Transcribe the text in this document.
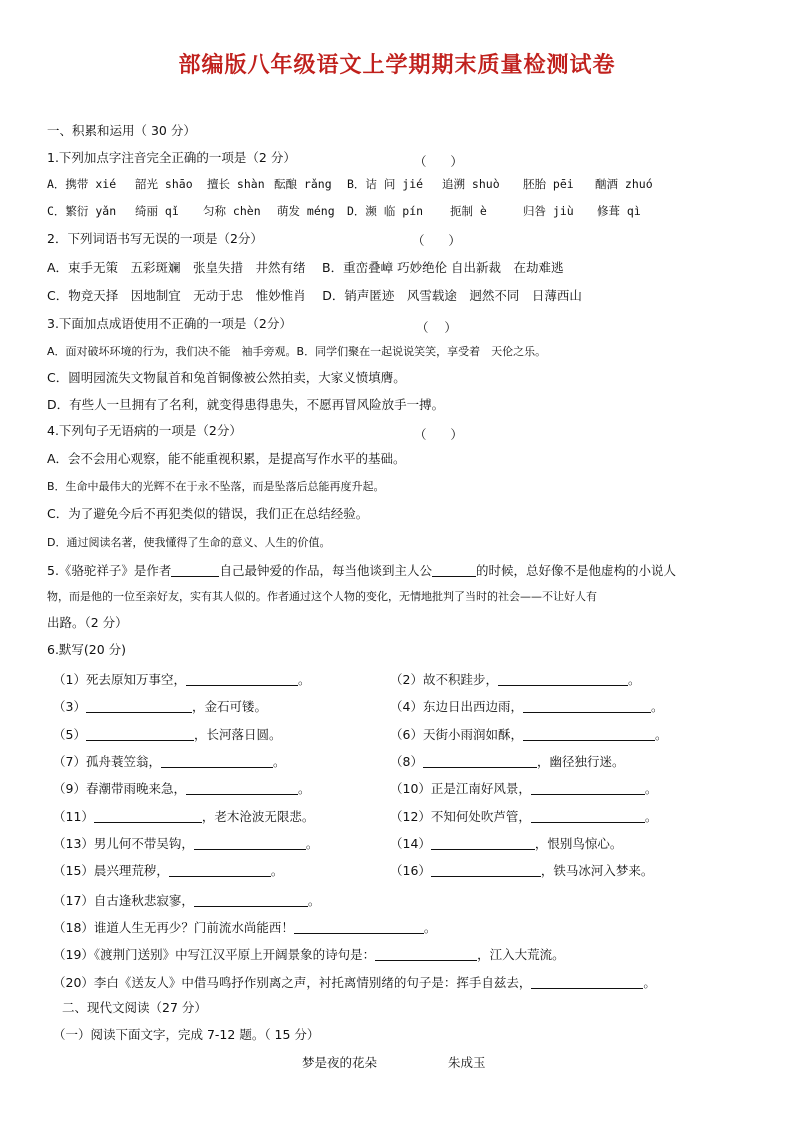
部编版八年级语文上学期期末质量检测试卷
一、积累和运用（ 30 分）
1.下列加点字注音完全正确的一项是（2 分）	（      ）
A．携带 xié 韶光 shāo 擅长 shàn 酝酿 rǎng B．诘 问 jié 追溯 shuò 胚胎 pēi 酗酒 zhuó
C．繁衍 yǎn 绮丽 qǐ 匀称 chèn 萌发 méng D．濒 临 pín 扼制 è	归咎 jiù 修葺 qì
2．下列词语书写无误的一项是（2分）	（      ）
A．束手无策　五彩斑斓　张皇失措　井然有绪　 B．重峦叠嶂 巧妙绝伦 自出新裁　在劫难逃
C．物竞天择　因地制宜　无动于忠　惟妙惟肖　 D．销声匿迹　风雪载途　迥然不同　日薄西山
3.下面加点成语使用不正确的一项是（2分）	（    ）
A．面对破坏环境的行为，我们决不能　袖手旁观。B．同学们聚在一起说说笑笑，享受着　天伦之乐。
C．圆明园流失文物鼠首和兔首铜像被公然拍卖，大家义愤填膺。
D．有些人一旦拥有了名利，就变得患得患失，不愿再冒风险放手一搏。
4.下列句子无语病的一项是（2分）	（      ）
A．会不会用心观察，能不能重视积累，是提高写作水平的基础。
B．生命中最伟大的光辉不在于永不坠落，而是坠落后总能再度升起。
C．为了避免今后不再犯类似的错误，我们正在总结经验。
D．通过阅读名著，使我懂得了生命的意义、人生的价值。
5.《骆驼祥子》是作者	自己最钟爱的作品，每当他谈到主人公	的时候，总好像不是他虚构的小说人
物，而是他的一位至亲好友，实有其人似的。作者通过这个人物的变化，无情地批判了当时的社会——不让好人有
出路。（2 分）
6.默写(20 分)
（1）死去原知万事空，	。	（2）故不积跬步，	。
（3）	，金石可镂。	（4）东边日出西边雨，	。
（5）	，长河落日圆。	（6）天街小雨润如酥，	。
（7）孤舟蓑笠翁，	。	（8）	，幽径独行迷。
（9）春潮带雨晚来急，	。	（10）正是江南好风景，	。
（11）	，老木沧波无限悲。	（12）不知何处吹芦管，	。
（13）男儿何不带吴钩，	。	（14）	，恨别鸟惊心。
（15）晨兴理荒秽，	。	（16）	，铁马冰河入梦来。
（17）自古逢秋悲寂寥，	。
（18）谁道人生无再少？门前流水尚能西！	。
（19）《渡荆门送别》中写江汉平原上开阔景象的诗句是：	，江入大荒流。
（20）李白《送友人》中借马鸣抒作别离之声，衬托离情别绪的句子是：挥手自兹去，	。
二、现代文阅读（27 分）
（一）阅读下面文字，完成 7-12 题。（ 15 分）
梦是夜的花朵	朱成玉
